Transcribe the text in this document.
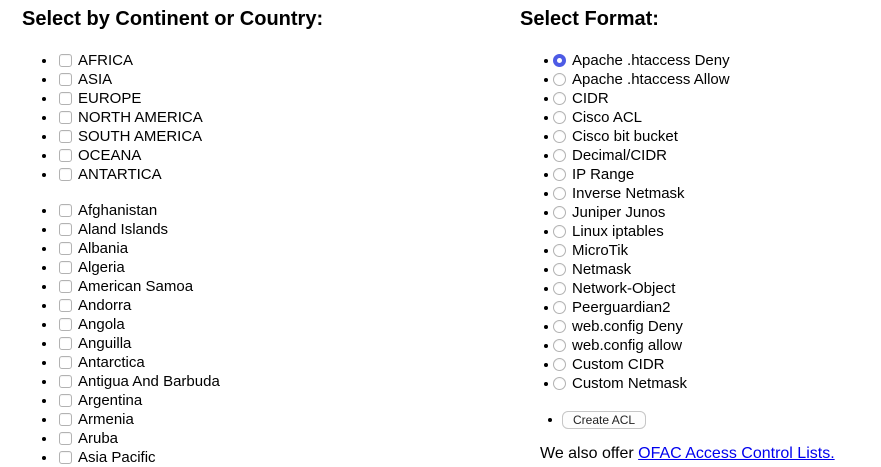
Select by Continent or Country:
AFRICA
ASIA
EUROPE
NORTH AMERICA
SOUTH AMERICA
OCEANA
ANTARTICA
Afghanistan
Aland Islands
Albania
Algeria
American Samoa
Andorra
Angola
Anguilla
Antarctica
Antigua And Barbuda
Argentina
Armenia
Aruba
Asia Pacific
Select Format:
Apache .htaccess Deny
Apache .htaccess Allow
CIDR
Cisco ACL
Cisco bit bucket
Decimal/CIDR
IP Range
Inverse Netmask
Juniper Junos
Linux iptables
MicroTik
Netmask
Network-Object
Peerguardian2
web.config Deny
web.config allow
Custom CIDR
Custom Netmask
Create ACL

We also offer OFAC Access Control Lists.
